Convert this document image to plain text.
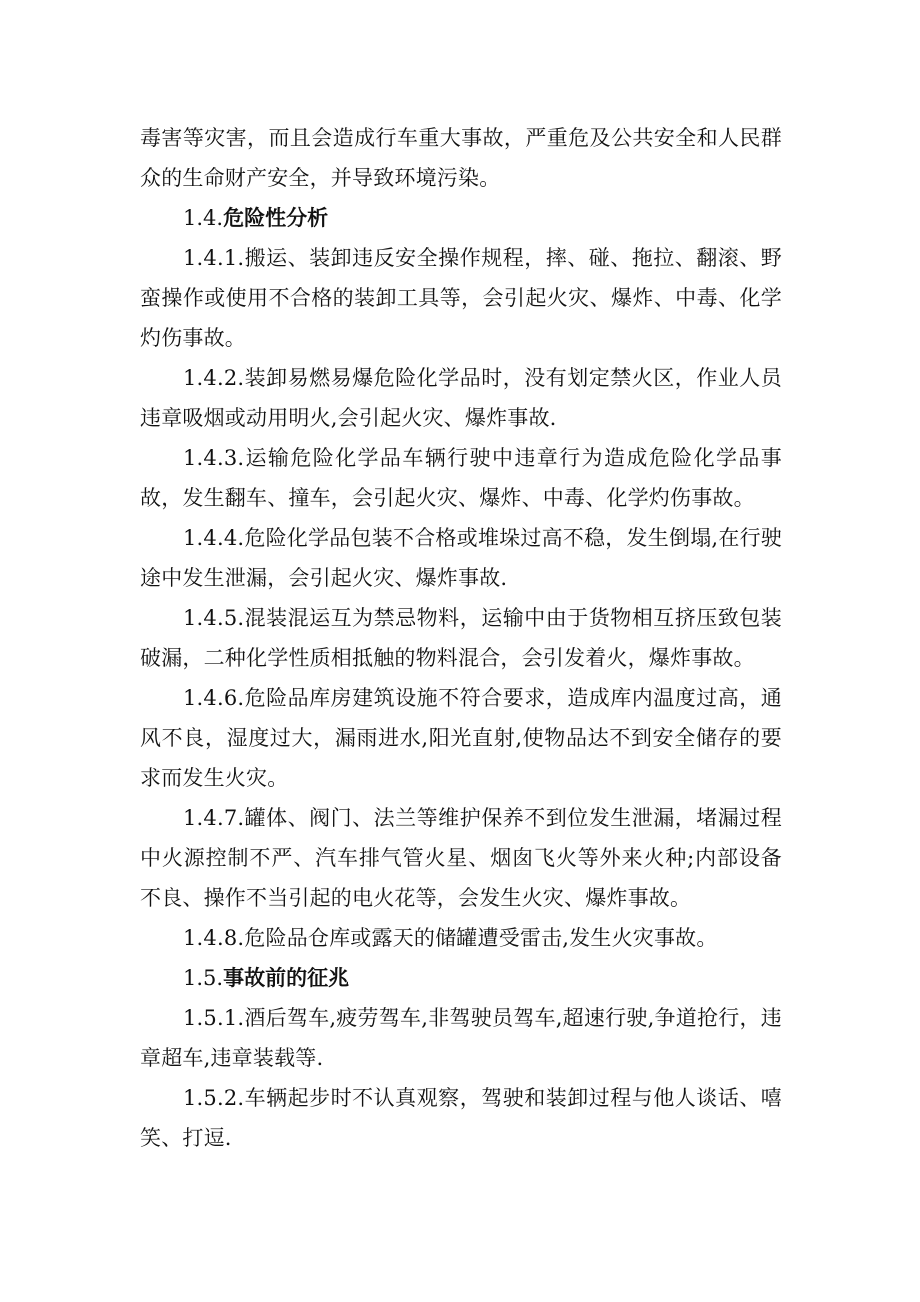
毒害等灾害，而且会造成行车重大事故，严重危及公共安全和人民群众的生命财产安全，并导致环境污染。

1.4.危险性分析

1.4.1.搬运、装卸违反安全操作规程，摔、碰、拖拉、翻滚、野蛮操作或使用不合格的装卸工具等，会引起火灾、爆炸、中毒、化学灼伤事故。

1.4.2.装卸易燃易爆危险化学品时，没有划定禁火区，作业人员违章吸烟或动用明火,会引起火灾、爆炸事故.

1.4.3.运输危险化学品车辆行驶中违章行为造成危险化学品事故，发生翻车、撞车，会引起火灾、爆炸、中毒、化学灼伤事故。

1.4.4.危险化学品包装不合格或堆垛过高不稳，发生倒塌,在行驶途中发生泄漏，会引起火灾、爆炸事故.

1.4.5.混装混运互为禁忌物料，运输中由于货物相互挤压致包装破漏，二种化学性质相抵触的物料混合，会引发着火，爆炸事故。

1.4.6.危险品库房建筑设施不符合要求，造成库内温度过高，通风不良，湿度过大，漏雨进水,阳光直射,使物品达不到安全储存的要求而发生火灾。

1.4.7.罐体、阀门、法兰等维护保养不到位发生泄漏，堵漏过程中火源控制不严、汽车排气管火星、烟囱飞火等外来火种;内部设备不良、操作不当引起的电火花等，会发生火灾、爆炸事故。

1.4.8.危险品仓库或露天的储罐遭受雷击,发生火灾事故。

1.5.事故前的征兆

1.5.1.酒后驾车,疲劳驾车,非驾驶员驾车,超速行驶,争道抢行，违章超车,违章装载等.

1.5.2.车辆起步时不认真观察，驾驶和装卸过程与他人谈话、嘻笑、打逗.
